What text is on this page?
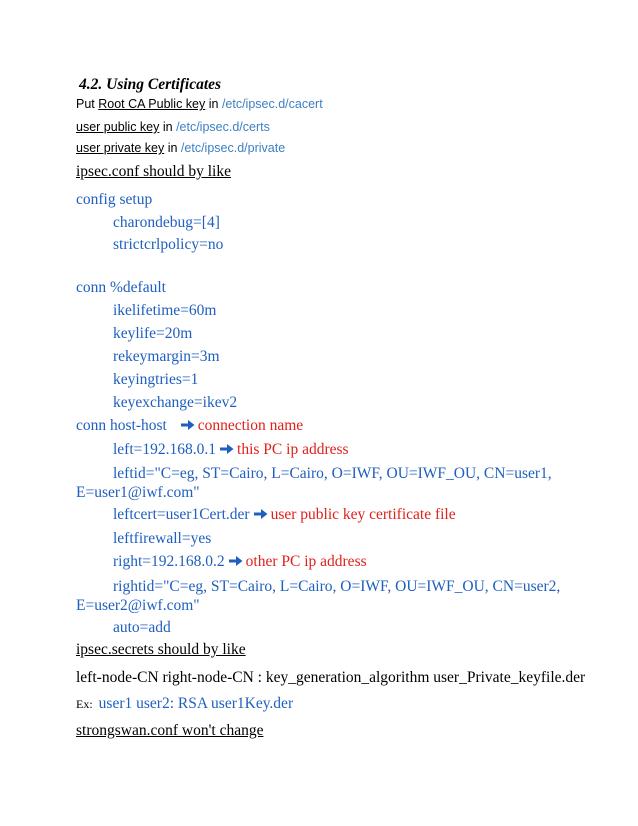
4.2. Using Certificates
Put Root CA Public key in /etc/ipsec.d/cacert
user public key in /etc/ipsec.d/certs
user private key in /etc/ipsec.d/private
ipsec.conf should by like
config setup
charondebug=[4]
strictcrlpolicy=no
conn %default
ikelifetime=60m
keylife=20m
rekeymargin=3m
keyingtries=1
keyexchange=ikev2
conn host-host connection name
left=192.168.0.1 this PC ip address
leftid="C=eg, ST=Cairo, L=Cairo, O=IWF, OU=IWF_OU, CN=user1,
E=user1@iwf.com"
leftcert=user1Cert.der user public key certificate file
leftfirewall=yes
right=192.168.0.2 other PC ip address
rightid="C=eg, ST=Cairo, L=Cairo, O=IWF, OU=IWF_OU, CN=user2,
E=user2@iwf.com"
auto=add
ipsec.secrets should by like
left-node-CN right-node-CN : key_generation_algorithm user_Private_keyfile.der
Ex: user1 user2: RSA user1Key.der
strongswan.conf won't change
